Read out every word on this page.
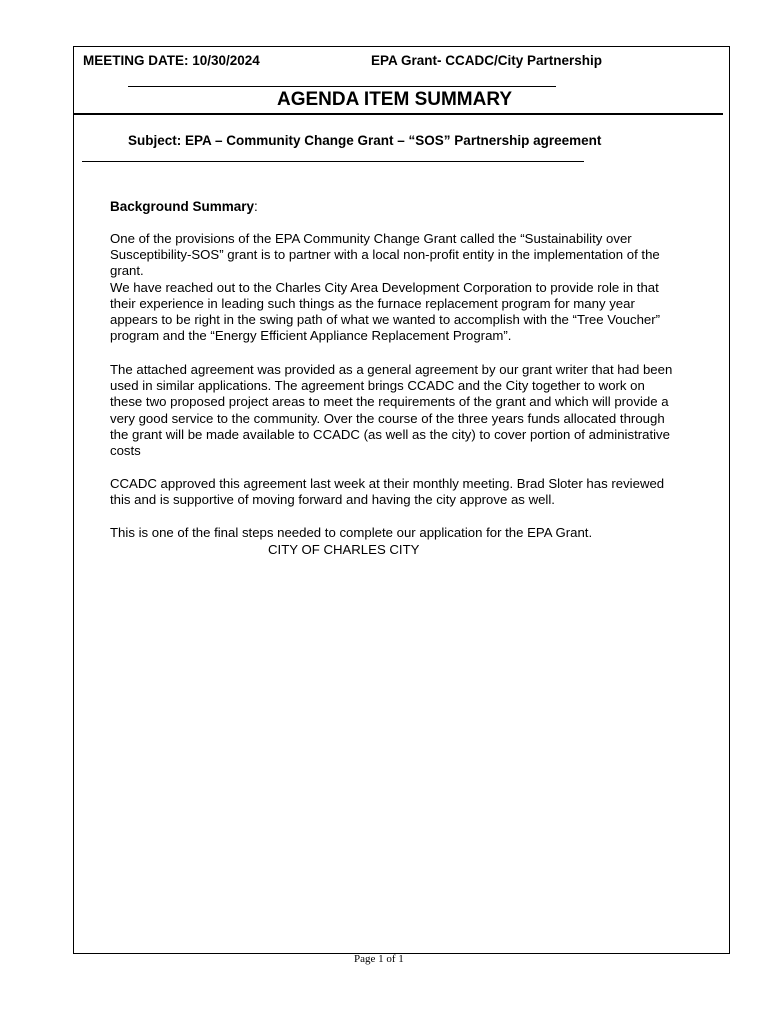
MEETING DATE: 10/30/2024	EPA Grant- CCADC/City Partnership
AGENDA ITEM SUMMARY
Subject: EPA – Community Change Grant – “SOS” Partnership agreement
Background Summary:

One of the provisions of the EPA Community Change Grant called the “Sustainability over

Susceptibility-SOS” grant is to partner with a local non-profit entity in the implementation of the

grant.

We have reached out to the Charles City Area Development Corporation to provide role in that

their experience in leading such things as the furnace replacement program for many year

appears to be right in the swing path of what we wanted to accomplish with the “Tree Voucher”

program and the “Energy Efficient Appliance Replacement Program”.

The attached agreement was provided as a general agreement by our grant writer that had been

used in similar applications. The agreement brings CCADC and the City together to work on

these two proposed project areas to meet the requirements of the grant and which will provide a

very good service to the community. Over the course of the three years funds allocated through

the grant will be made available to CCADC (as well as the city) to cover portion of administrative

costs

CCADC approved this agreement last week at their monthly meeting. Brad Sloter has reviewed

this and is supportive of moving forward and having the city approve as well.

This is one of the final steps needed to complete our application for the EPA Grant.

CITY OF CHARLES CITY
Page 1 of 1
